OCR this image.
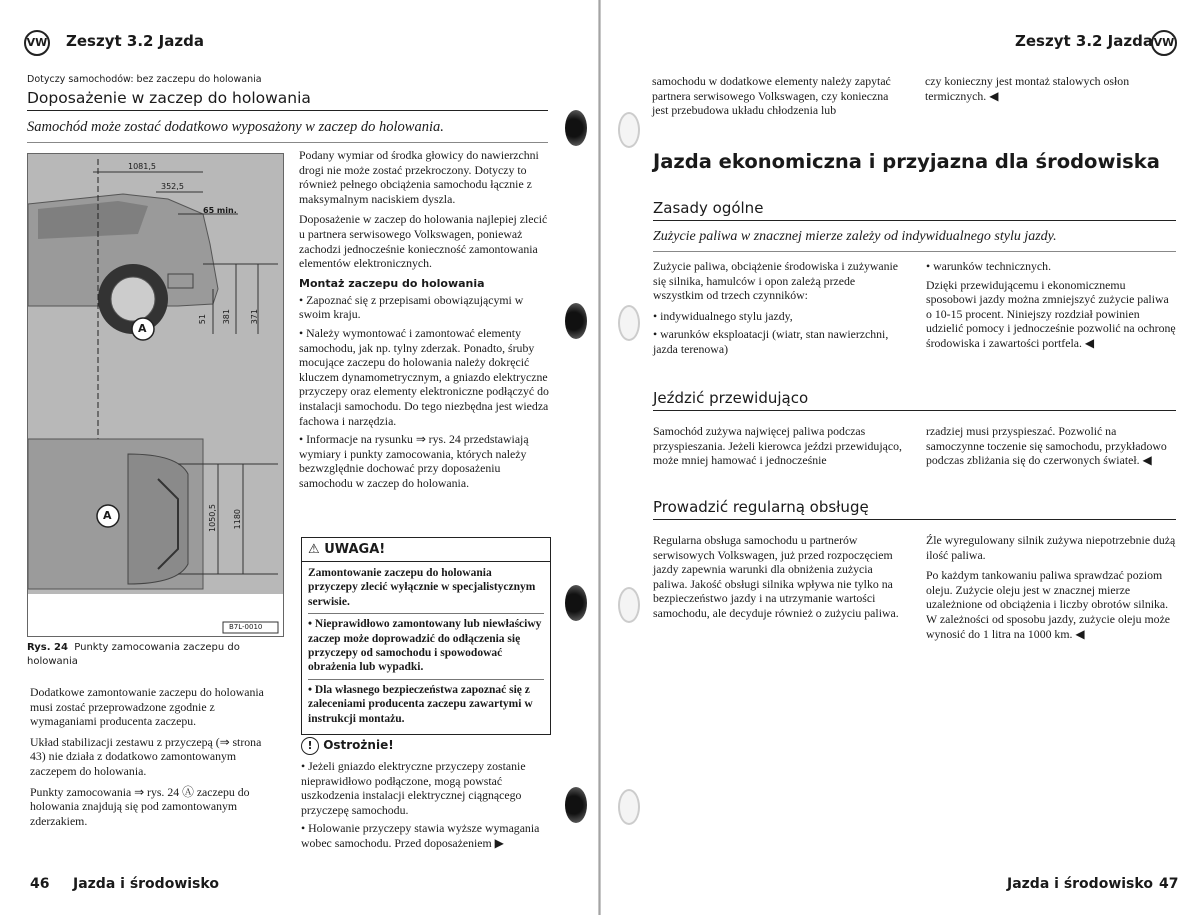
VW Zeszyt 3.2 Jazda
Dotyczy samochodów: bez zaczepu do holowania
Doposażenie w zaczep do holowania
Samochód może zostać dodatkowo wyposażony w zaczep do holowania.
1081,5
352,5
65 min.
51 381 371
1050,5 1180
A
A
B7L-0010
Rys. 24 Punkty zamocowania zaczepu do holowania

Dodatkowe zamontowanie zaczepu do holowania musi zostać przeprowadzone zgodnie z wymaganiami producenta zaczepu.

Układ stabilizacji zestawu z przyczepą (⇒ strona 43) nie działa z dodatkowo zamontowanym zaczepem do holowania.

Punkty zamocowania ⇒ rys. 24 Ⓐ zaczepu do holowania znajdują się pod zamontowanym zderzakiem.

Podany wymiar od środka głowicy do nawierzchni drogi nie może zostać przekroczony. Dotyczy to również pełnego obciążenia samochodu łącznie z maksymalnym naciskiem dyszla.

Doposażenie w zaczep do holowania najlepiej zlecić u partnera serwisowego Volkswagen, ponieważ zachodzi jednocześnie konieczność zamontowania elementów elektronicznych.

Montaż zaczepu do holowania

• Zapoznać się z przepisami obowiązującymi w swoim kraju.

• Należy wymontować i zamontować elementy samochodu, jak np. tylny zderzak. Ponadto, śruby mocujące zaczepu do holowania należy dokręcić kluczem dynamometrycznym, a gniazdo elektryczne przyczepy oraz elementy elektroniczne podłączyć do instalacji samochodu. Do tego niezbędna jest wiedza fachowa i narzędzia.

• Informacje na rysunku ⇒ rys. 24 przedstawiają wymiary i punkty zamocowania, których należy bezwzględnie dochować przy doposażeniu samochodu w zaczep do holowania.

⚠ UWAGA!
Zamontowanie zaczepu do holowania przyczepy zlecić wyłącznie w specjalistycznym serwisie.
• Nieprawidłowo zamontowany lub niewłaściwy zaczep może doprowadzić do odłączenia się przyczepy od samochodu i spowodować obrażenia lub wypadki.
• Dla własnego bezpieczeństwa zapoznać się z zaleceniami producenta zaczepu zawartymi w instrukcji montażu.
! Ostrożnie!

• Jeżeli gniazdo elektryczne przyczepy zostanie nieprawidłowo podłączone, mogą powstać uszkodzenia instalacji elektrycznej ciągnącego przyczepę samochodu.

• Holowanie przyczepy stawia wyższe wymagania wobec samochodu. Przed doposażeniem ▶

46 Jazda i środowisko
Zeszyt 3.2 Jazda VW

samochodu w dodatkowe elementy należy zapytać partnera serwisowego Volkswagen, czy konieczna jest przebudowa układu chłodzenia lub

czy konieczny jest montaż stalowych osłon termicznych. ◀

Jazda ekonomiczna i przyjazna dla środowiska
Zasady ogólne
Zużycie paliwa w znacznej mierze zależy od indywidualnego stylu jazdy.

Zużycie paliwa, obciążenie środowiska i zużywanie się silnika, hamulców i opon zależą przede wszystkim od trzech czynników:

• indywidualnego stylu jazdy,

• warunków eksploatacji (wiatr, stan nawierzchni, jazda terenowa)

• warunków technicznych.

Dzięki przewidującemu i ekonomicznemu sposobowi jazdy można zmniejszyć zużycie paliwa o 10-15 procent. Niniejszy rozdział powinien udzielić pomocy i jednocześnie pozwolić na ochronę środowiska i zawartości portfela. ◀

Jeździć przewidująco

Samochód zużywa najwięcej paliwa podczas przyspieszania. Jeżeli kierowca jeździ przewidująco, może mniej hamować i jednocześnie

rzadziej musi przyspieszać. Pozwolić na samoczynne toczenie się samochodu, przykładowo podczas zbliżania się do czerwonych świateł. ◀

Prowadzić regularną obsługę

Regularna obsługa samochodu u partnerów serwisowych Volkswagen, już przed rozpoczęciem jazdy zapewnia warunki dla obniżenia zużycia paliwa. Jakość obsługi silnika wpływa nie tylko na bezpieczeństwo jazdy i na utrzymanie wartości samochodu, ale decyduje również o zużyciu paliwa.

Źle wyregulowany silnik zużywa niepotrzebnie dużą ilość paliwa.

Po każdym tankowaniu paliwa sprawdzać poziom oleju. Zużycie oleju jest w znacznej mierze uzależnione od obciążenia i liczby obrotów silnika. W zależności od sposobu jazdy, zużycie oleju może wynosić do 1 litra na 1000 km. ◀

Jazda i środowisko 47
